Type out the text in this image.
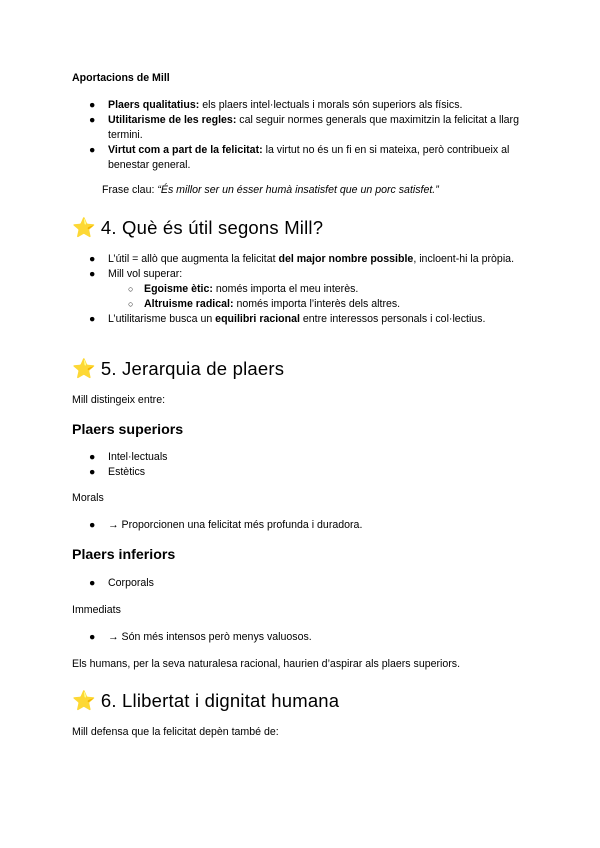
Aportacions de Mill
● Plaers qualitatius: els plaers intel·lectuals i morals són superiors als físics.
● Utilitarisme de les regles: cal seguir normes generals que maximitzin la felicitat a llarg termini.
● Virtut com a part de la felicitat: la virtut no és un fi en si mateixa, però contribueix al benestar general.
Frase clau: “És millor ser un ésser humà insatisfet que un porc satisfet.”
⭐ 4. Què és útil segons Mill?
● L’útil = allò que augmenta la felicitat del major nombre possible, incloent-hi la pròpia.
● Mill vol superar:
○ Egoisme ètic: només importa el meu interès.
○ Altruisme radical: només importa l’interès dels altres.
● L’utilitarisme busca un equilibri racional entre interessos personals i col·lectius.
⭐ 5. Jerarquia de plaers
Mill distingeix entre:
Plaers superiors
● Intel·lectuals
● Estètics
Morals
● → Proporcionen una felicitat més profunda i duradora.
Plaers inferiors
● Corporals
Immediats
● → Són més intensos però menys valuosos.
Els humans, per la seva naturalesa racional, haurien d’aspirar als plaers superiors.
⭐ 6. Llibertat i dignitat humana
Mill defensa que la felicitat depèn també de:
